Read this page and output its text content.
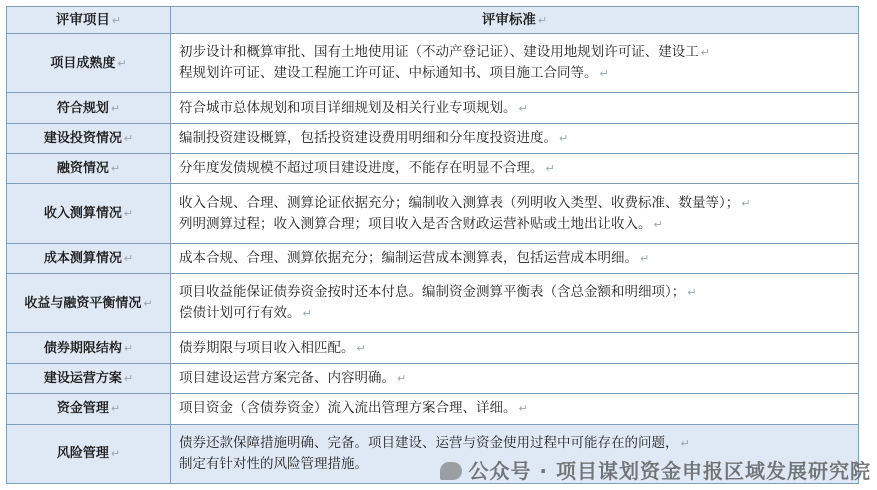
评审项目 ↵	评审标准 ↵
项目成熟度 ↵	初步设计和概算审批、国有土地使用证（不动产登记证）、建设用地规划许可证、建设工 ↵
程规划许可证、建设工程施工许可证、中标通知书、项目施工合同等。 ↵

符合规划 ↵	符合城市总体规划和项目详细规划及相关行业专项规划。 ↵

建设投资情况 ↵	编制投资建设概算，包括投资建设费用明细和分年度投资进度。 ↵

融资情况 ↵	分年度发债规模不超过项目建设进度，不能存在明显不合理。 ↵

收入测算情况 ↵	收入合规、合理、测算论证依据充分；编制收入测算表（列明收入类型、收费标准、数量等）； ↵
列明测算过程；收入测算合理；项目收入是否含财政运营补贴或土地出让收入。 ↵

成本测算情况 ↵	成本合规、合理、测算依据充分；编制运营成本测算表，包括运营成本明细。 ↵

收益与融资平衡情况 ↵	项目收益能保证债券资金按时还本付息。编制资金测算平衡表（含总金额和明细项）； ↵
偿债计划可行有效。 ↵

债券期限结构 ↵	债券期限与项目收入相匹配。 ↵

建设运营方案 ↵	项目建设运营方案完备、内容明确。 ↵

资金管理 ↵	项目资金（含债券资金）流入流出管理方案合理、详细。 ↵

风险管理 ↵	债券还款保障措施明确、完备。项目建设、运营与资金使用过程中可能存在的问题， ↵
制定有针对性的风险管理措施。	公众号 · 项目谋划资金申报区域发展研究院
